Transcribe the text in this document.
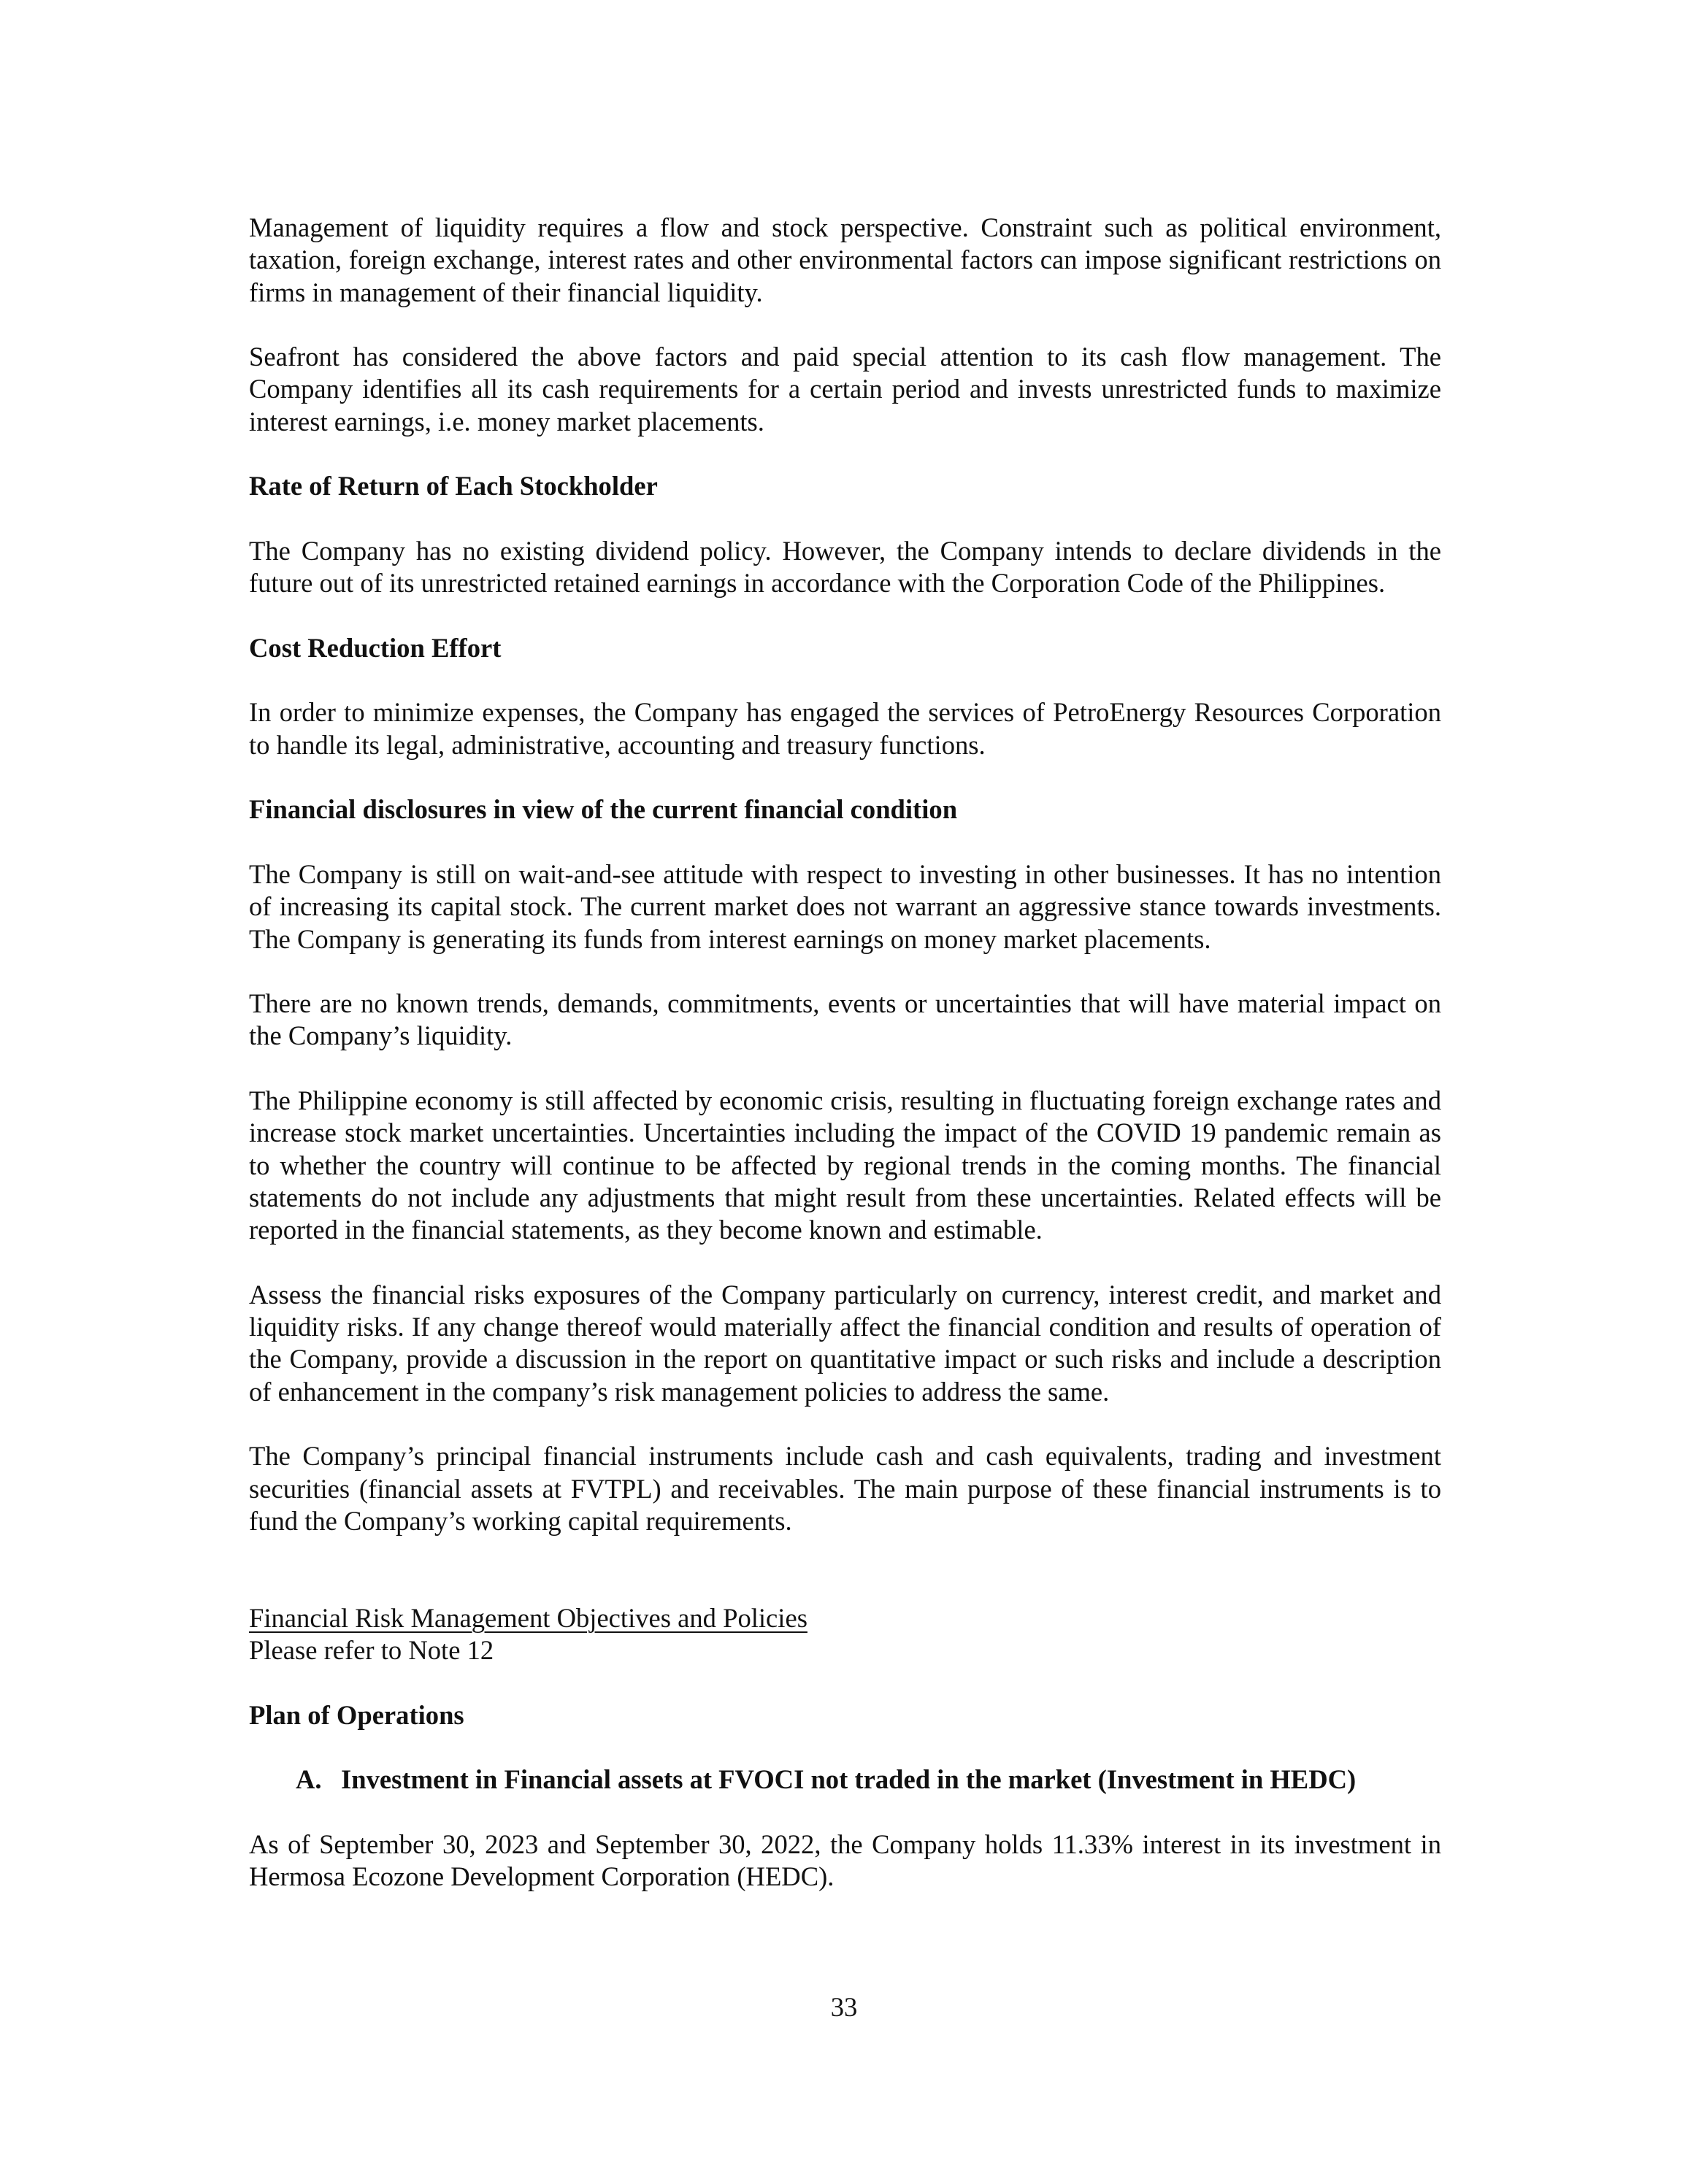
Management of liquidity requires a flow and stock perspective. Constraint such as political environment, taxation, foreign exchange, interest rates and other environmental factors can impose significant restrictions on firms in management of their financial liquidity.

Seafront has considered the above factors and paid special attention to its cash flow management. The Company identifies all its cash requirements for a certain period and invests unrestricted funds to maximize interest earnings, i.e. money market placements.

Rate of Return of Each Stockholder

The Company has no existing dividend policy. However, the Company intends to declare dividends in the future out of its unrestricted retained earnings in accordance with the Corporation Code of the Philippines.

Cost Reduction Effort

In order to minimize expenses, the Company has engaged the services of PetroEnergy Resources Corporation to handle its legal, administrative, accounting and treasury functions.

Financial disclosures in view of the current financial condition

The Company is still on wait-and-see attitude with respect to investing in other businesses. It has no intention of increasing its capital stock. The current market does not warrant an aggressive stance towards investments. The Company is generating its funds from interest earnings on money market placements.

There are no known trends, demands, commitments, events or uncertainties that will have material impact on the Company’s liquidity.

The Philippine economy is still affected by economic crisis, resulting in fluctuating foreign exchange rates and increase stock market uncertainties. Uncertainties including the impact of the COVID 19 pandemic remain as to whether the country will continue to be affected by regional trends in the coming months. The financial statements do not include any adjustments that might result from these uncertainties. Related effects will be reported in the financial statements, as they become known and estimable.

Assess the financial risks exposures of the Company particularly on currency, interest credit, and market and liquidity risks. If any change thereof would materially affect the financial condition and results of operation of the Company, provide a discussion in the report on quantitative impact or such risks and include a description of enhancement in the company’s risk management policies to address the same.

The Company’s principal financial instruments include cash and cash equivalents, trading and investment securities (financial assets at FVTPL) and receivables. The main purpose of these financial instruments is to fund the Company’s working capital requirements.

Financial Risk Management Objectives and Policies

Please refer to Note 12

Plan of Operations

A. Investment in Financial assets at FVOCI not traded in the market (Investment in HEDC)

As of September 30, 2023 and September 30, 2022, the Company holds 11.33% interest in its investment in Hermosa Ecozone Development Corporation (HEDC).

33
